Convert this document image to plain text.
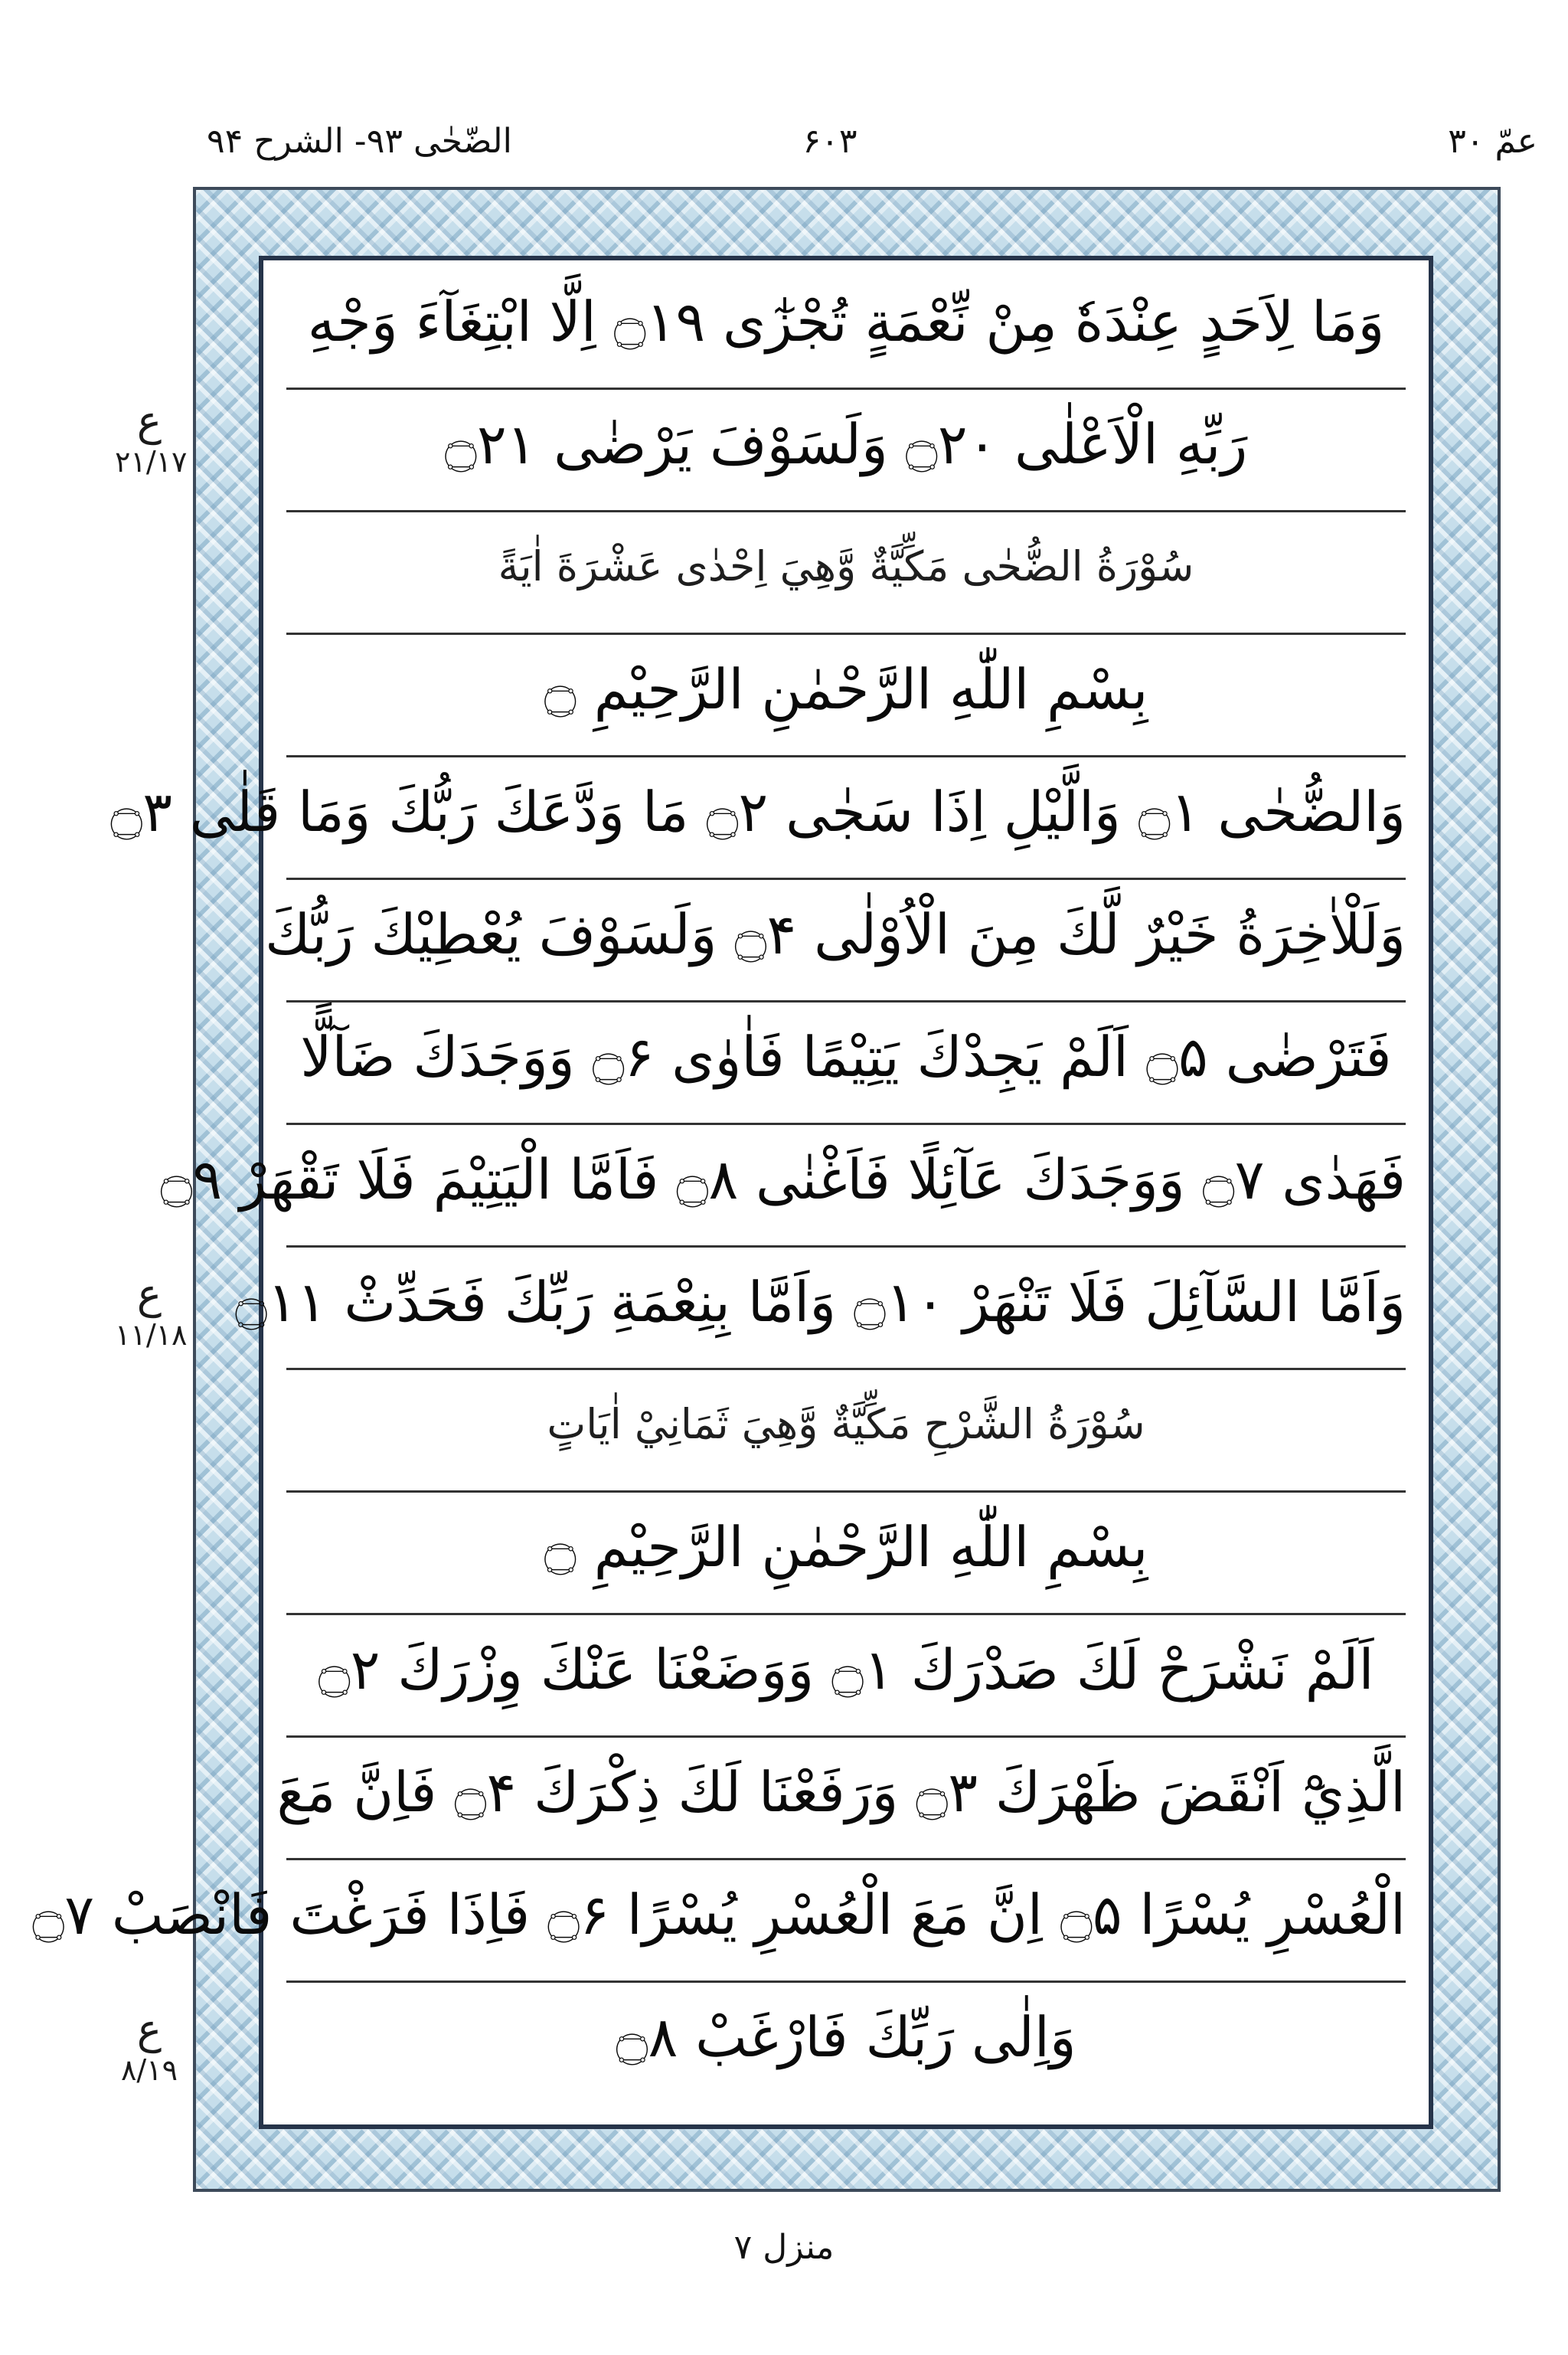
الضّحٰی ۹۳- الشرح ۹۴	۶۰۳	عمّ ۳۰
وَمَا لِاَحَدٍ عِنْدَهٗ مِنْ نِّعْمَةٍ تُجْزٰٓى ۝۱۹ اِلَّا ابْتِغَآءَ وَجْهِ
رَبِّهِ الْاَعْلٰى ۝۲۰ وَلَسَوْفَ يَرْضٰى ۝۲۱
سُوْرَةُ الضُّحٰى مَكِّيَّةٌ وَّهِيَ اِحْدٰى عَشْرَةَ اٰيَةً
بِسْمِ اللّٰهِ الرَّحْمٰنِ الرَّحِيْمِ ۝
وَالضُّحٰى ۝۱ وَالَّيْلِ اِذَا سَجٰى ۝۲ مَا وَدَّعَكَ رَبُّكَ وَمَا قَلٰى ۝۳
وَلَلْاٰخِرَةُ خَيْرٌ لَّكَ مِنَ الْاُوْلٰى ۝۴ وَلَسَوْفَ يُعْطِيْكَ رَبُّكَ
فَتَرْضٰى ۝۵ اَلَمْ يَجِدْكَ يَتِيْمًا فَاٰوٰى ۝۶ وَوَجَدَكَ ضَآلًّا
فَهَدٰى ۝۷ وَوَجَدَكَ عَآئِلًا فَاَغْنٰى ۝۸ فَاَمَّا الْيَتِيْمَ فَلَا تَقْهَرْ ۝۹
وَاَمَّا السَّآئِلَ فَلَا تَنْهَرْ ۝۱۰ وَاَمَّا بِنِعْمَةِ رَبِّكَ فَحَدِّثْ ۝۱۱
سُوْرَةُ الشَّرْحِ مَكِّيَّةٌ وَّهِيَ ثَمَانِيْ اٰيَاتٍ
بِسْمِ اللّٰهِ الرَّحْمٰنِ الرَّحِيْمِ ۝
اَلَمْ نَشْرَحْ لَكَ صَدْرَكَ ۝۱ وَوَضَعْنَا عَنْكَ وِزْرَكَ ۝۲
الَّذِيْٓ اَنْقَضَ ظَهْرَكَ ۝۳ وَرَفَعْنَا لَكَ ذِكْرَكَ ۝۴ فَاِنَّ مَعَ
الْعُسْرِ يُسْرًا ۝۵ اِنَّ مَعَ الْعُسْرِ يُسْرًا ۝۶ فَاِذَا فَرَغْتَ فَانْصَبْ ۝۷
وَاِلٰى رَبِّكَ فَارْغَبْ ۝۸
ع
۲۱/۱۷
ع
۱۱/۱۸
ع
۸/۱۹
منزل ۷
